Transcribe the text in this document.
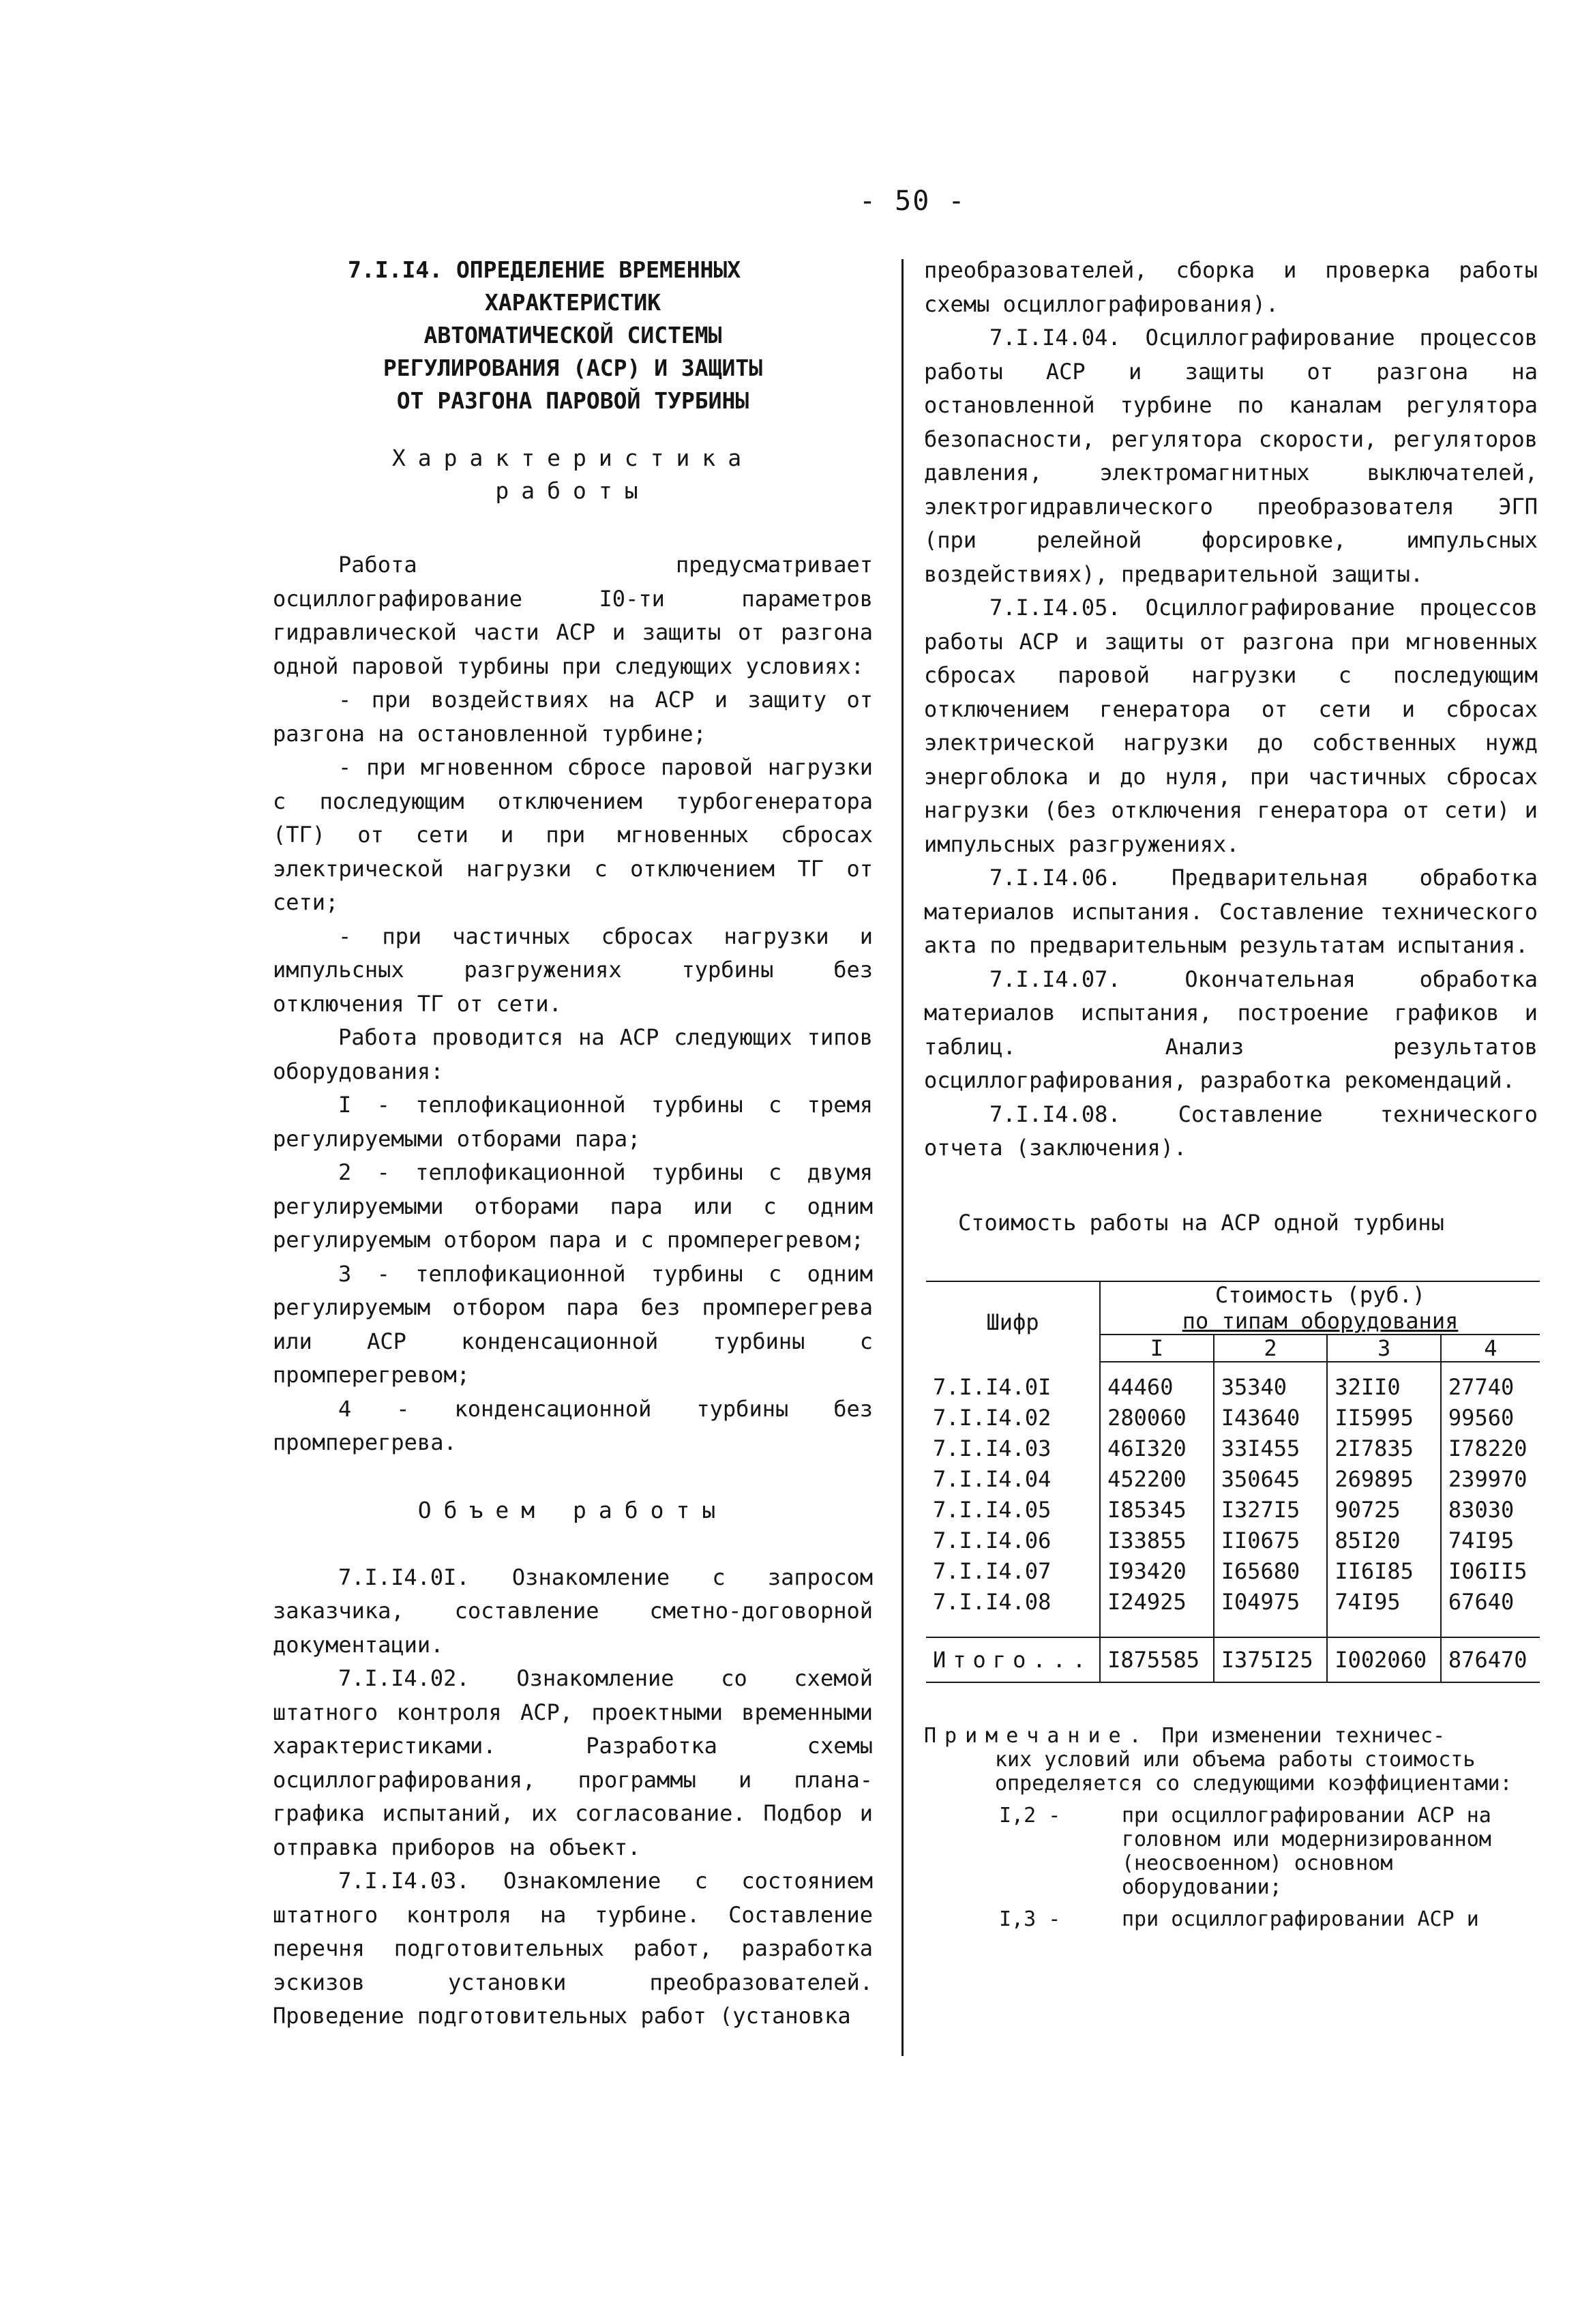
- 50 -
7.I.I4. ОПРЕДЕЛЕНИЕ ВРЕМЕННЫХ
ХАРАКТЕРИСТИК
АВТОМАТИЧЕСКОЙ СИСТЕМЫ
РЕГУЛИРОВАНИЯ (АСР) И ЗАЩИТЫ
ОТ РАЗГОНА ПАРОВОЙ ТУРБИНЫ
Характеристика
работы

Работа предусматривает осциллографирование I0-ти параметров гидравлической части АСР и защиты от разгона одной паровой турбины при следующих условиях:

- при воздействиях на АСР и защиту от разгона на остановленной турбине;

- при мгновенном сбросе паровой нагрузки с последующим отключением турбогенератора (ТГ) от сети и при мгновенных сбросах электрической нагрузки с отключением ТГ от сети;

- при частичных сбросах нагрузки и импульсных разгружениях турбины без отключения ТГ от сети.

Работа проводится на АСР следующих типов оборудования:

I - теплофикационной турбины с тремя регулируемыми отборами пара;

2 - теплофикационной турбины с двумя регулируемыми отборами пара или с одним регулируемым отбором пара и с промперегревом;

3 - теплофикационной турбины с одним регулируемым отбором пара без промперегрева или АСР конденсационной турбины с промперегревом;

4 - конденсационной турбины без промперегрева.

Объем работы

7.I.I4.0I. Ознакомление с запросом заказчика, составление сметно-договорной документации.

7.I.I4.02. Ознакомление со схемой штатного контроля АСР, проектными временными характеристиками. Разработка схемы осциллографирования, программы и плана-графика испытаний, их согласование. Подбор и отправка приборов на объект.

7.I.I4.03. Ознакомление с состоянием штатного контроля на турбине. Составление перечня подготовительных работ, разработка эскизов установки преобразователей. Проведение подготовительных работ (установка

преобразователей, сборка и проверка работы схемы осциллографирования).

7.I.I4.04. Осциллографирование процессов работы АСР и защиты от разгона на остановленной турбине по каналам регулятора безопасности, регулятора скорости, регуляторов давления, электромагнитных выключателей, электрогидравлического преобразователя ЭГП (при релейной форсировке, импульсных воздействиях), предварительной защиты.

7.I.I4.05. Осциллографирование процессов работы АСР и защиты от разгона при мгновенных сбросах паровой нагрузки с последующим отключением генератора от сети и сбросах электрической нагрузки до собственных нужд энергоблока и до нуля, при частичных сбросах нагрузки (без отключения генератора от сети) и импульсных разгружениях.

7.I.I4.06. Предварительная обработка материалов испытания. Составление технического акта по предварительным результатам испытания.

7.I.I4.07. Окончательная обработка материалов испытания, построение графиков и таблиц. Анализ результатов осциллографирования, разработка рекомендаций.

7.I.I4.08. Составление технического отчета (заключения).

Стоимость работы на АСР одной турбины

Шифр	Стоимость (руб.)
по типам оборудования			

	I	2	3	4
7.I.I4.0I	44460	35340	32II0	27740
7.I.I4.02	280060	I43640	II5995	99560
7.I.I4.03	46I320	33I455	2I7835	I78220
7.I.I4.04	452200	350645	269895	239970
7.I.I4.05	I85345	I327I5	90725	83030
7.I.I4.06	I33855	II0675	85I20	74I95
7.I.I4.07	I93420	I65680	II6I85	I06II5
7.I.I4.08	I24925	I04975	74I95	67640
Итого...	I875585	I375I25	I002060	876470
Примечание. При изменении техничес-
ких условий или объема работы стоимость определяется со следующими коэффициентами:
I,2 -	при осциллографировании АСР на головном или модернизированном (неосвоенном) основном оборудовании;
I,3 -	при осциллографировании АСР и
